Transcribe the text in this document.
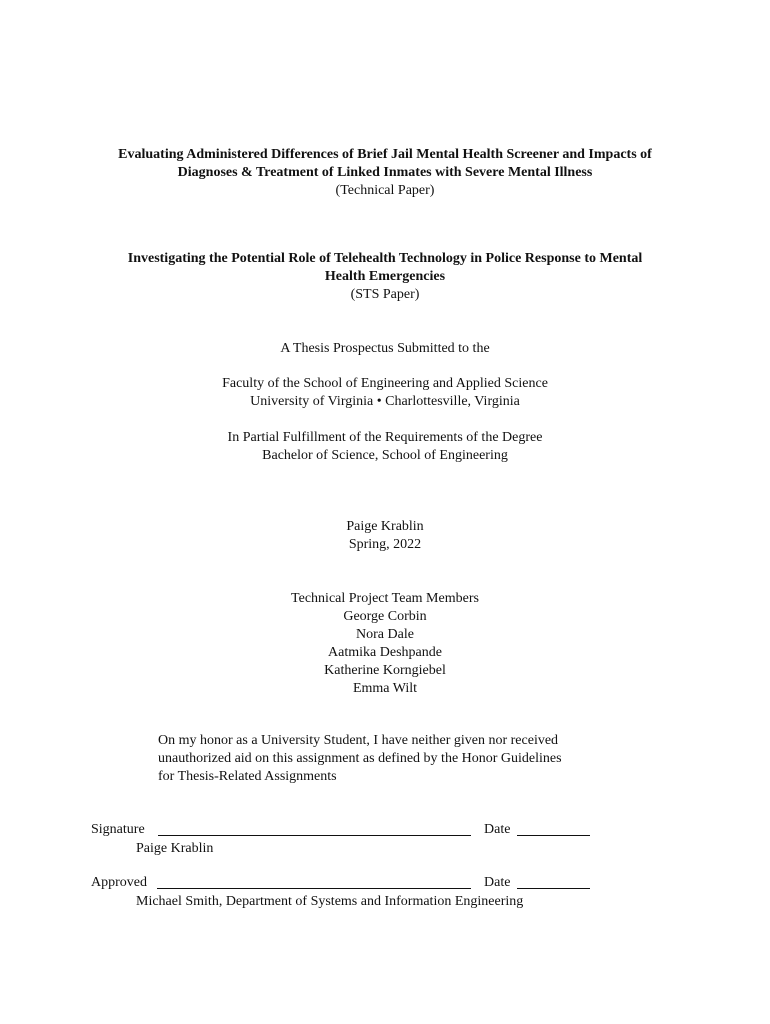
Evaluating Administered Differences of Brief Jail Mental Health Screener and Impacts of
Diagnoses & Treatment of Linked Inmates with Severe Mental Illness
(Technical Paper)
Investigating the Potential Role of Telehealth Technology in Police Response to Mental
Health Emergencies
(STS Paper)
A Thesis Prospectus Submitted to the
Faculty of the School of Engineering and Applied Science
University of Virginia • Charlottesville, Virginia
In Partial Fulfillment of the Requirements of the Degree
Bachelor of Science, School of Engineering
Paige Krablin
Spring, 2022
Technical Project Team Members
George Corbin
Nora Dale
Aatmika Deshpande
Katherine Korngiebel
Emma Wilt
On my honor as a University Student, I have neither given nor received
unauthorized aid on this assignment as defined by the Honor Guidelines
for Thesis-Related Assignments
Signature	Date
Paige Krablin
Approved	Date
Michael Smith, Department of Systems and Information Engineering
